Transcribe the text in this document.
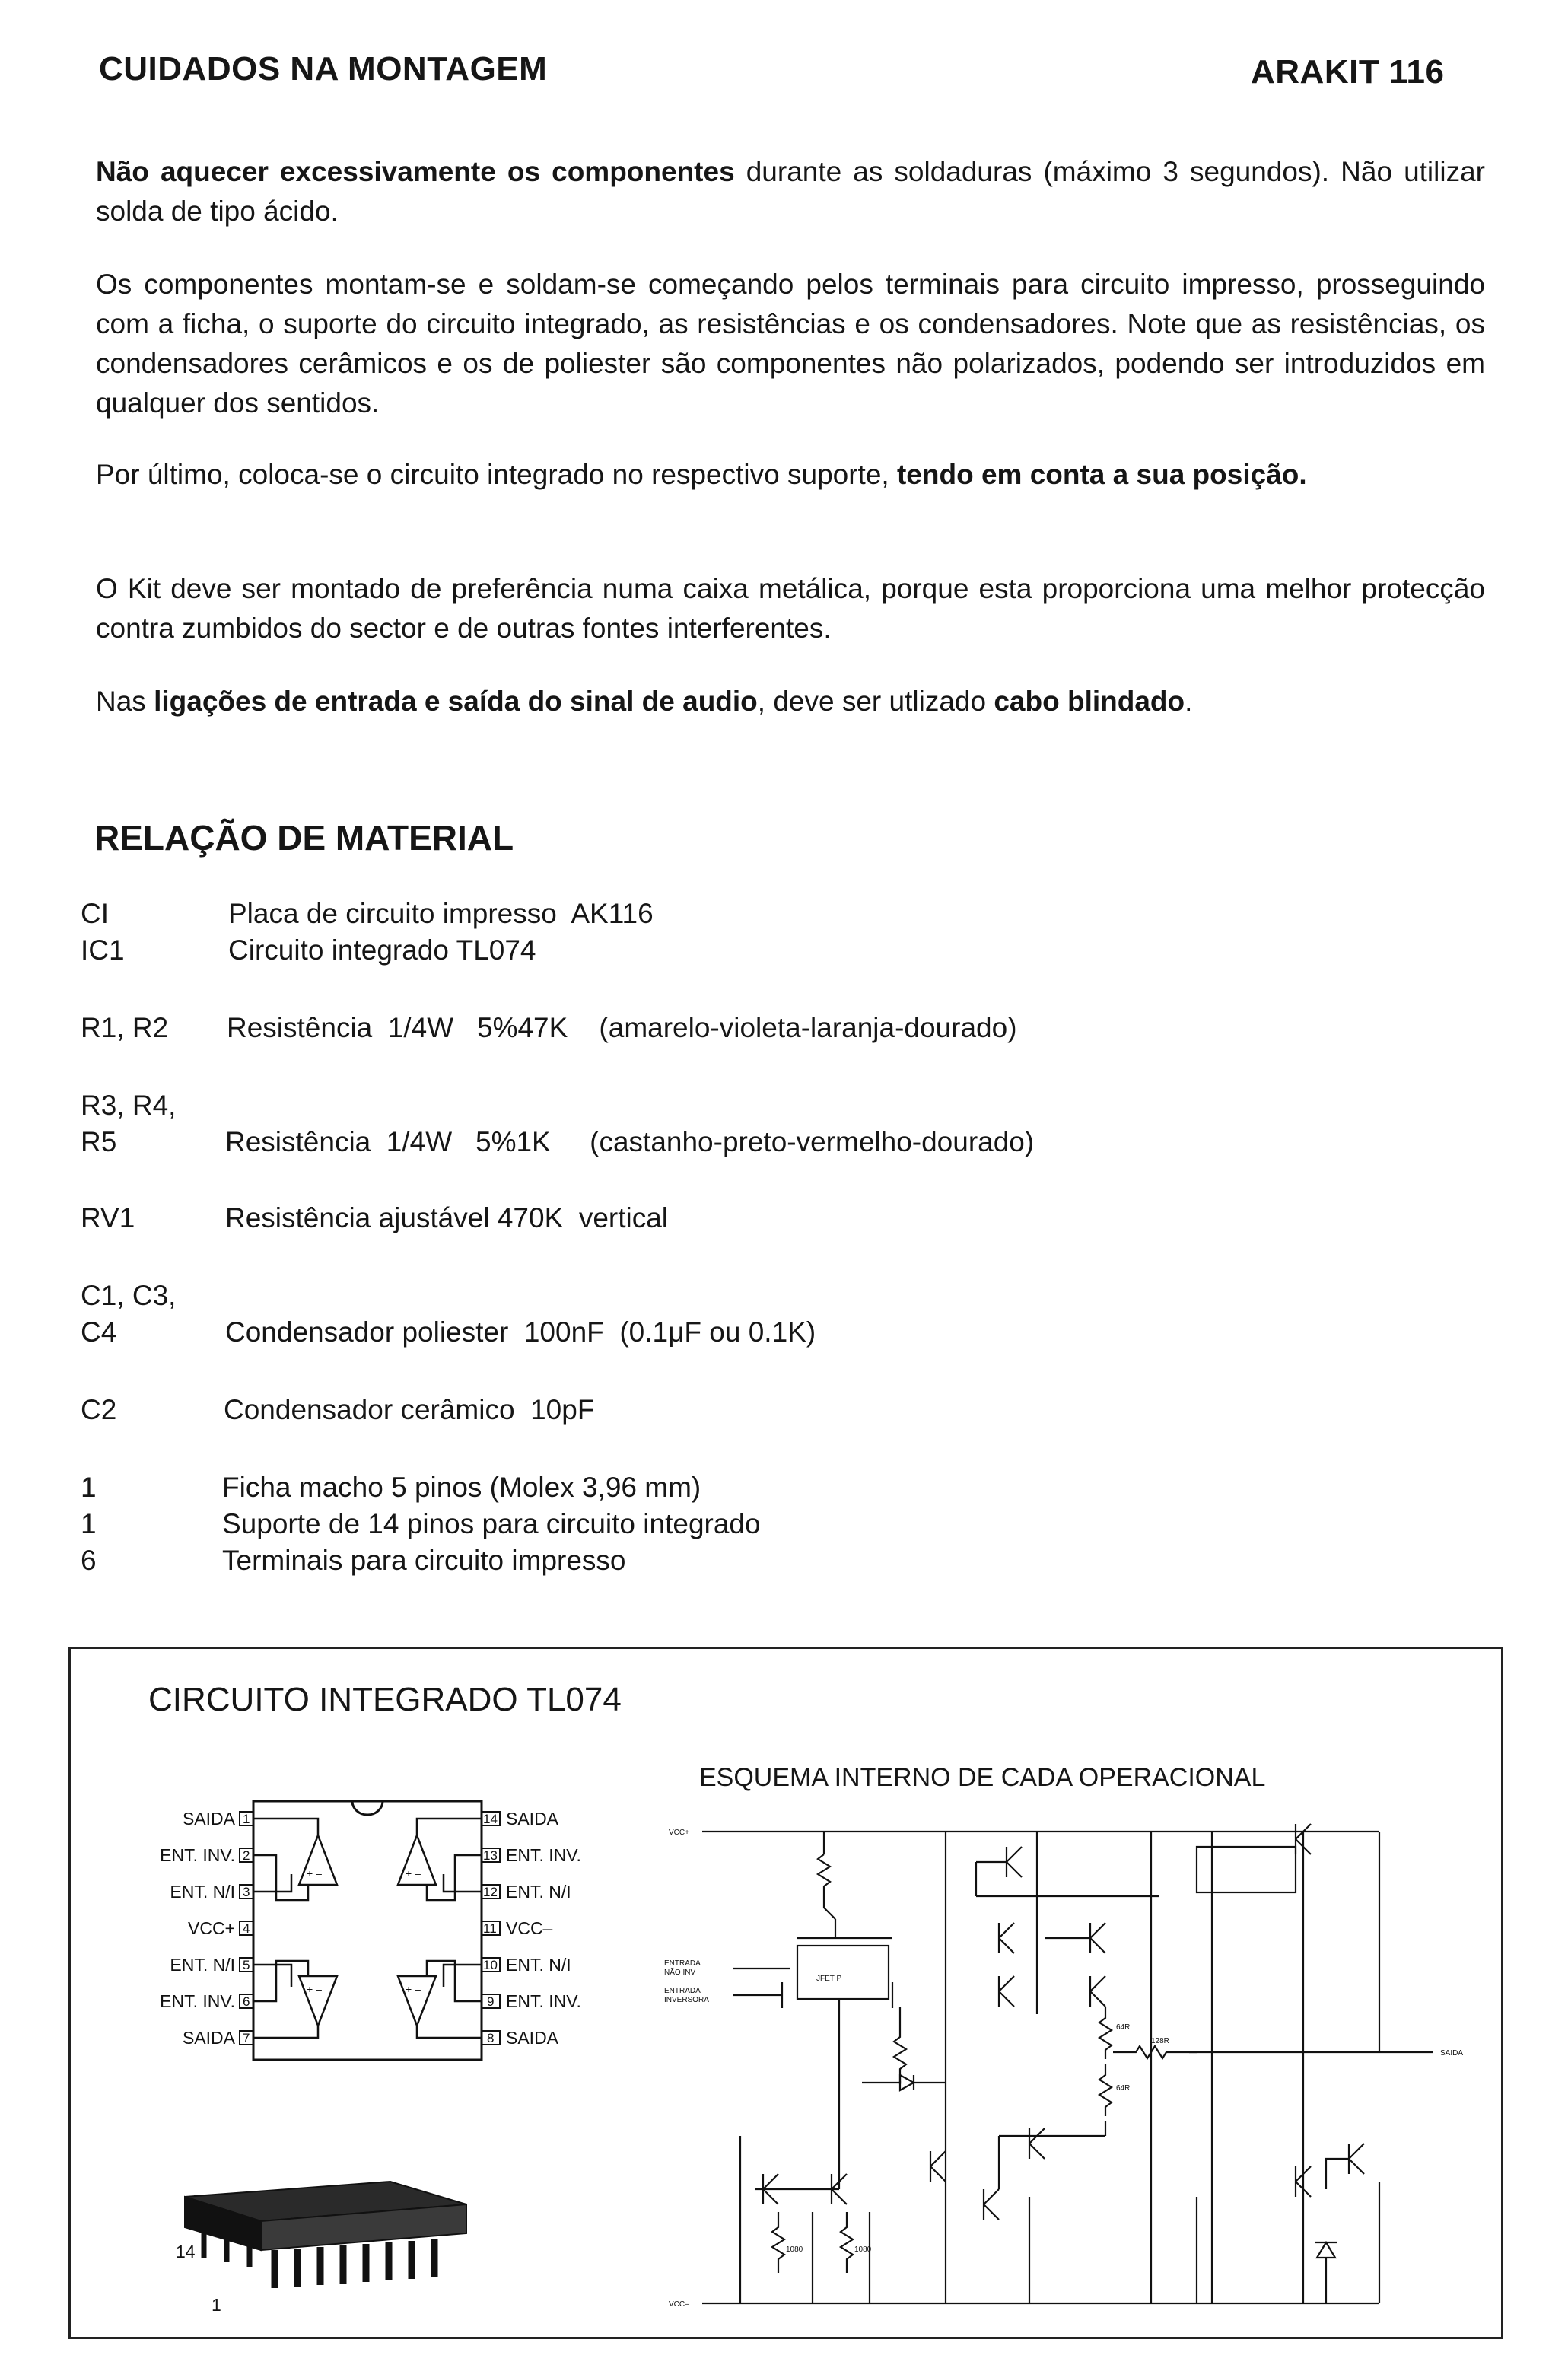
CUIDADOS NA MONTAGEM	ARAKIT 116
Não aquecer excessivamente os componentes durante as soldaduras (máximo 3 segundos). Não utilizar solda de tipo ácido.
Os componentes montam-se e soldam-se começando pelos terminais para circuito impresso, prosseguindo com a ficha, o suporte do circuito integrado, as resistências e os condensadores. Note que as resistências, os condensadores cerâmicos e os de poliester são componentes não polarizados, podendo ser introduzidos em qualquer dos sentidos.
Por último, coloca-se o circuito integrado no respectivo suporte, tendo em conta a sua posição.
O Kit deve ser montado de preferência numa caixa metálica, porque esta proporciona uma melhor protecção contra zumbidos do sector e de outras fontes interferentes.
Nas ligações de entrada e saída do sinal de audio, deve ser utlizado cabo blindado.
RELAÇÃO DE MATERIAL
CI	Placa de circuito impresso  AK116
IC1	Circuito integrado TL074
R1, R2 Resistência  1/4W   5%47K    (amarelo-violeta-laranja-dourado)
R3, R4,
R5	Resistência  1/4W   5%1K     (castanho-preto-vermelho-dourado)
RV1	Resistência ajustável 470K  vertical
C1, C3,
C4	Condensador poliester  100nF  (0.1μF ou 0.1K)
C2	Condensador cerâmico  10pF
1	Ficha macho 5 pinos (Molex 3,96 mm)
1	Suporte de 14 pinos para circuito integrado
6	Terminais para circuito impresso
CIRCUITO INTEGRADO TL074
ESQUEMA INTERNO DE CADA OPERACIONAL
1
2
3
4
5
6
7
SAIDA
ENT. INV.
ENT. N/I
VCC+
ENT. N/I
ENT. INV.
SAIDA
14
13
12
11
10
9
8
SAIDA
ENT. INV.
ENT. N/I
VCC–
ENT. N/I
ENT. INV.
SAIDA
+ –	+ –
+ –	+ –
14
1
VCC+
VCC–
ENTRADA
NÃO INV
ENTRADA
INVERSORA
JFET P
SAIDA
64R
128R
64R
1080	1080
